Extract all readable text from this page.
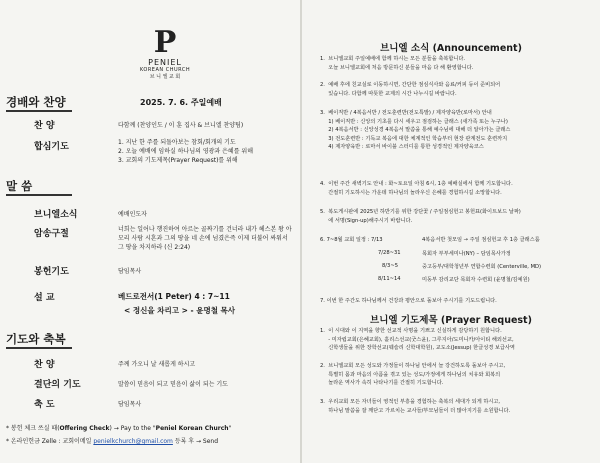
P
PENIEL
KOREAN CHURCH
브 니 엘 교 회
경배와 찬양	2025. 7. 6. 주일예배
찬 양	다함께 (찬양인도 / 이 훈 집사 & 브니엘 찬양팀)
합심기도	1. 지난 한 주를 되돌아보는 참회/회개의 기도
2. 오늘 예배에 임하실 하나님의 영광과 은혜를 위해
3. 교회의 기도제목(Prayer Request)를 위해
말 씀
브니엘소식	예배인도자
암송구절	너희는 일어나 행진하여 아르논 골짜기를 건너라 내가 헤스본 왕 아모리 사람 시혼과 그의 땅을 네 손에 넘겼은즉 이제 더불어 싸워서 그 땅을 차지하라 (신 2:24)
봉헌기도	담임목사
설 교	베드로전서(1 Peter) 4 : 7~11
< 정신을 차리고 > - 윤명철 목사
기도와 축복
찬 양	주께 가오니 날 새롭게 하시고
결단의 기도	말씀이 믿음이 되고 믿음이 삶이 되는 기도
축 도	담임목사
* 봉헌 체크 쓰실 때(Offering Check) → Pay to the "Peniel Korean Church"
* 온라인헌금 Zelle : 교회이메일 penielkchurch@gmail.com 등록 후 → Send
브니엘 소식 (Announcement)
1.  브니엘교회 주일예배에 함께 하시는 모든 분들을 축복합니다.
오늘 브니엘교회에 처음 방문하신 분들을 마음 다 해 환영합니다.
2.  예배 후에 친교실로 이동하시면, 간단한 점심식사와 음료/커피 등이 준비되어
있습니다. 다함께 따뜻한 교제의 시간 나누시길 바랍니다.
3.  베이직반 / 4복음서반 / 전도훈련반(전도특발) / 제자양육반(로마서) 안내
1) 베이직반 : 신앙의 기초를 다시 세우고 점검하는 클래스 (새가족 또는 누구나)
2) 4복음서반 : 신앙성경 4복음서 말씀을 통해 예수님에 대해 더 알아가는 클래스
3) 전도훈련반 : 기독교 복음에 대한 체계적인 학습부터 현장 관계전도 훈련까지
4) 제자양육반 : 로마서 바이블 스터디를 통한 성경적인 제자양육코스
4.  이번 주간 새벽기도 안내 : 화~토요일 아침 6시, 1층 예배실에서 함께 기도합니다.
간절히 기도하시는 가운데 하나님의 놀라우신 은혜를 경험하시길 소망합니다.
5.  복도게시판에 2025년 하반기를 위한 강단꽃 / 주일점심헌고 봉헌표(화이트보드 날짜)
에 서명(Sign-up)해주시기 바랍니다.
6. 7~8월 교회 일정 : 7/13	4복음서반 첫모임 → 주일 점심헌교 후 1층 클래스룸
7/28~31	목회자 부부세미나(NY) – 담임목사가정
8/3~5	중고등부/대학청년부 연합수련회 (Centerville, MD)
8/11~14	미동부 감리교단 목회자 수련회 (윤명철/김예원)
7. 이번 한 주간도 하나님께서 건강과 평안으로 돌보아 주시기를 기도드립니다.
브니엘 기도제목 (Prayer Request)
1.  이 시대와 이 지역을 향한 선교적 사명을 기쁘고 신실하게 감당하기 원합니다.
- 미자립교회(은혜교회), 홀리스선교(굿스윤), 그루지아/도미니카/아이티 해외선교,
신학생들을 위한 장학선교(웨슬리 신학대학원), 교도소(Jessup) 한글성경 보급사역
2.  브니엘교회 모든 성도와 가정들이 하나님 안에서 늘 강건하도록 돌보아 주시고,
특별히 몸과 마음의 아픔을 겪고 있는 성도/가정에게 하나님의 치유와 회복의
놀라운 역사가 속히 나타나기를 간절히 기도합니다.
3.  우리교회 모든 자녀들이 영적인 부흥을 경험하는 축복의 세대가 되게 하시고,
하나님 말씀을 잘 깨닫고 가르치는 교사들/부모님들이 더 많아지기를 소원합니다.
